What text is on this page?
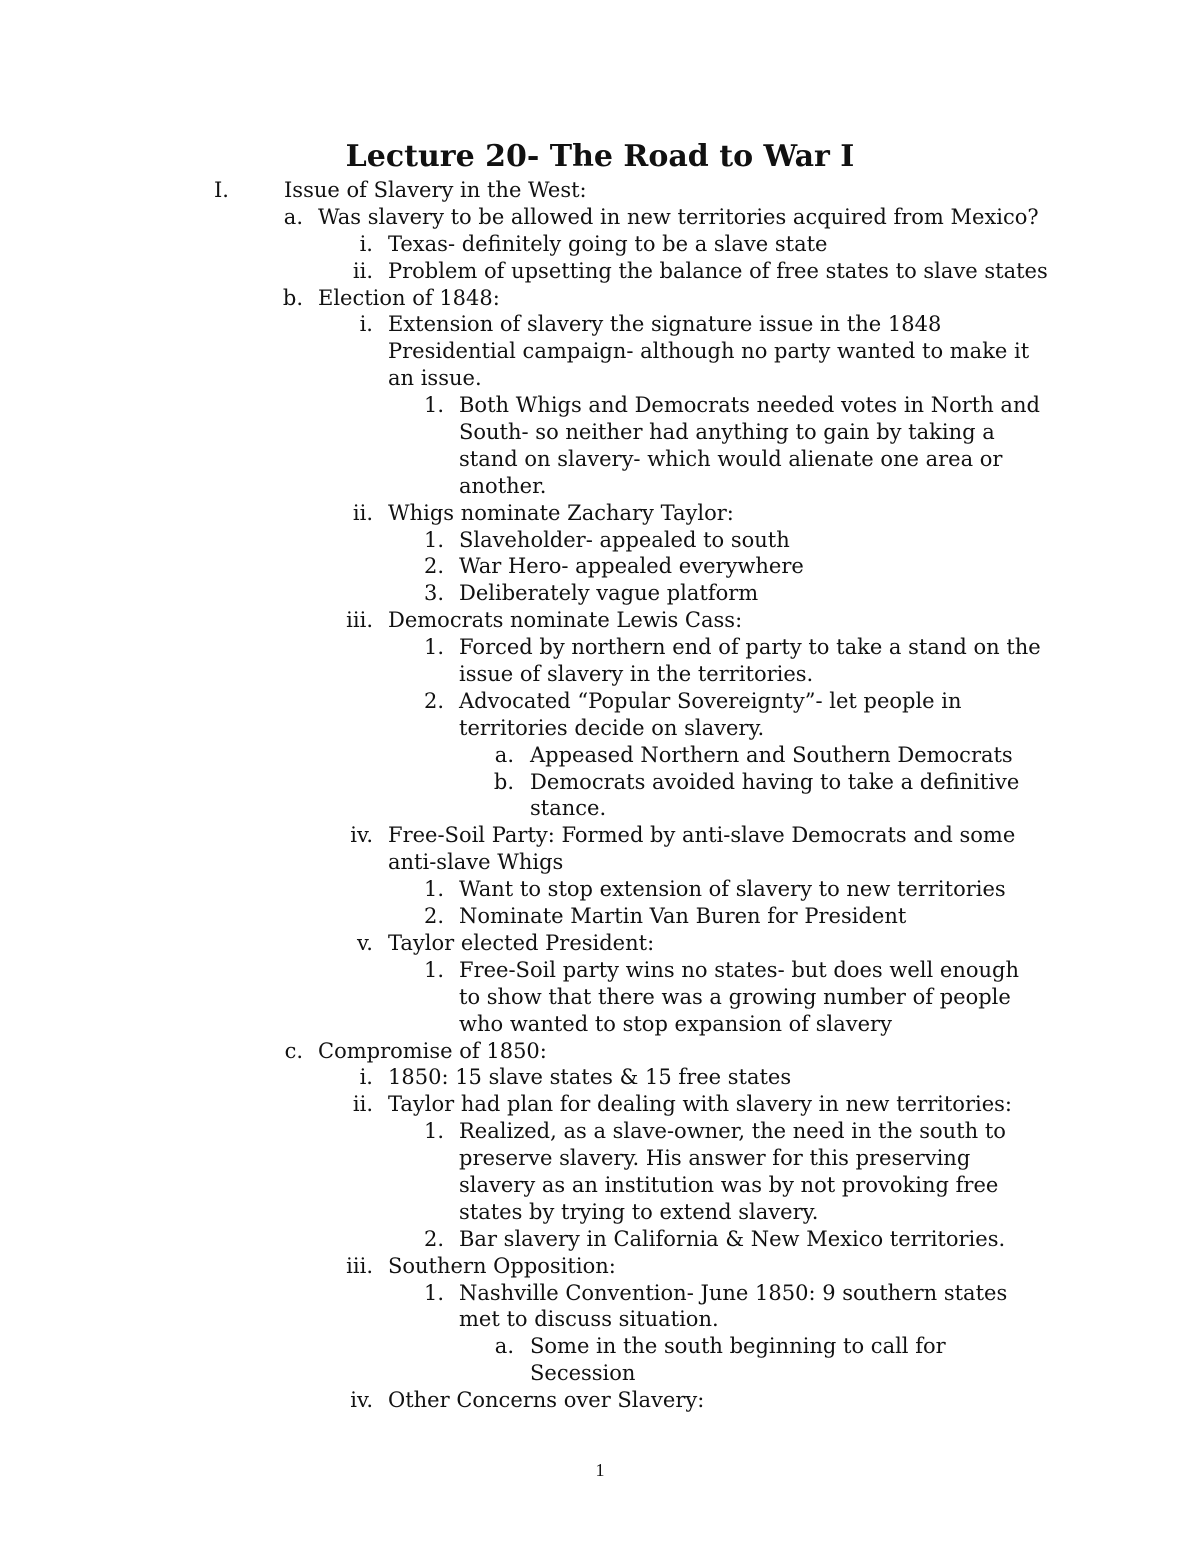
Lecture 20- The Road to War I
I.	Issue of Slavery in the West:
a. Was slavery to be allowed in new territories acquired from Mexico?
i. Texas- definitely going to be a slave state
ii. Problem of upsetting the balance of free states to slave states
b. Election of 1848:
i. Extension of slavery the signature issue in the 1848
Presidential campaign- although no party wanted to make it
an issue.
1. Both Whigs and Democrats needed votes in North and
South- so neither had anything to gain by taking a
stand on slavery- which would alienate one area or
another.
ii. Whigs nominate Zachary Taylor:
1. Slaveholder- appealed to south
2. War Hero- appealed everywhere
3. Deliberately vague platform
iii. Democrats nominate Lewis Cass:
1. Forced by northern end of party to take a stand on the
issue of slavery in the territories.
2. Advocated “Popular Sovereignty”- let people in
territories decide on slavery.
a. Appeased Northern and Southern Democrats
b. Democrats avoided having to take a definitive
stance.
iv. Free-Soil Party: Formed by anti-slave Democrats and some
anti-slave Whigs
1. Want to stop extension of slavery to new territories
2. Nominate Martin Van Buren for President
v. Taylor elected President:
1. Free-Soil party wins no states- but does well enough
to show that there was a growing number of people
who wanted to stop expansion of slavery
c. Compromise of 1850:
i. 1850: 15 slave states & 15 free states
ii. Taylor had plan for dealing with slavery in new territories:
1. Realized, as a slave-owner, the need in the south to
preserve slavery. His answer for this preserving
slavery as an institution was by not provoking free
states by trying to extend slavery.
2. Bar slavery in California & New Mexico territories.
iii. Southern Opposition:
1. Nashville Convention- June 1850: 9 southern states
met to discuss situation.
a. Some in the south beginning to call for
Secession
iv. Other Concerns over Slavery:
1
